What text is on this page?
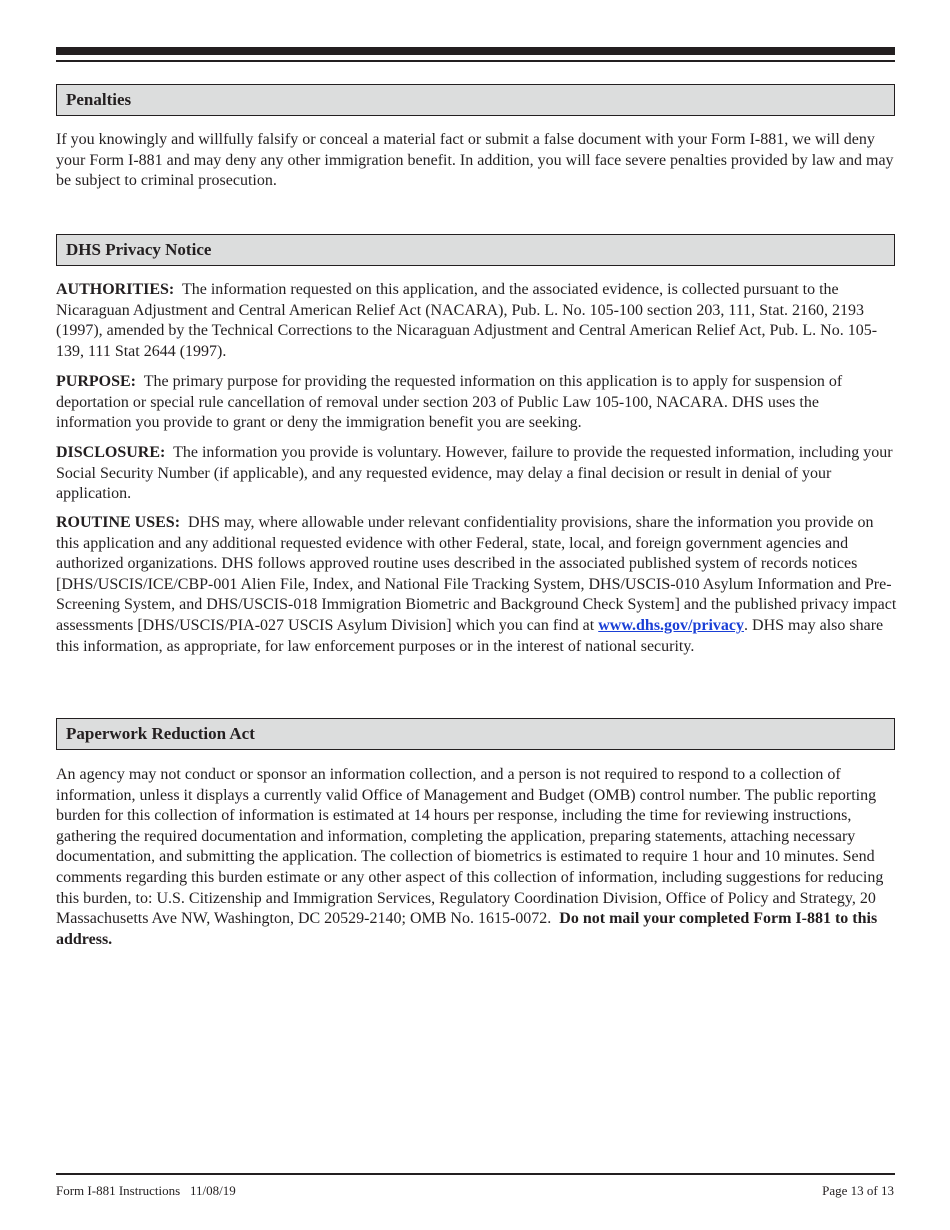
Penalties

If you knowingly and willfully falsify or conceal a material fact or submit a false document with your Form I-881, we will deny your Form I-881 and may deny any other immigration benefit. In addition, you will face severe penalties provided by law and may be subject to criminal prosecution.

DHS Privacy Notice

AUTHORITIES: The information requested on this application, and the associated evidence, is collected pursuant to the Nicaraguan Adjustment and Central American Relief Act (NACARA), Pub. L. No. 105-100 section 203, 111, Stat. 2160, 2193 (1997), amended by the Technical Corrections to the Nicaraguan Adjustment and Central American Relief Act, Pub. L. No. 105-139, 111 Stat 2644 (1997).

PURPOSE: The primary purpose for providing the requested information on this application is to apply for suspension of deportation or special rule cancellation of removal under section 203 of Public Law 105-100, NACARA. DHS uses the information you provide to grant or deny the immigration benefit you are seeking.

DISCLOSURE: The information you provide is voluntary. However, failure to provide the requested information, including your Social Security Number (if applicable), and any requested evidence, may delay a final decision or result in denial of your application.

ROUTINE USES: DHS may, where allowable under relevant confidentiality provisions, share the information you provide on this application and any additional requested evidence with other Federal, state, local, and foreign government agencies and authorized organizations. DHS follows approved routine uses described in the associated published system of records notices [DHS/USCIS/ICE/CBP-001 Alien File, Index, and National File Tracking System, DHS/USCIS-010 Asylum Information and Pre-Screening System, and DHS/USCIS-018 Immigration Biometric and Background Check System] and the published privacy impact assessments [DHS/USCIS/PIA-027 USCIS Asylum Division] which you can find at www.dhs.gov/privacy. DHS may also share this information, as appropriate, for law enforcement purposes or in the interest of national security.

Paperwork Reduction Act

An agency may not conduct or sponsor an information collection, and a person is not required to respond to a collection of information, unless it displays a currently valid Office of Management and Budget (OMB) control number. The public reporting burden for this collection of information is estimated at 14 hours per response, including the time for reviewing instructions, gathering the required documentation and information, completing the application, preparing statements, attaching necessary documentation, and submitting the application. The collection of biometrics is estimated to require 1 hour and 10 minutes. Send comments regarding this burden estimate or any other aspect of this collection of information, including suggestions for reducing this burden, to: U.S. Citizenship and Immigration Services, Regulatory Coordination Division, Office of Policy and Strategy, 20 Massachusetts Ave NW, Washington, DC 20529-2140; OMB No. 1615-0072. Do not mail your completed Form I-881 to this address.

Form I-881 Instructions   11/08/19	Page 13 of 13
